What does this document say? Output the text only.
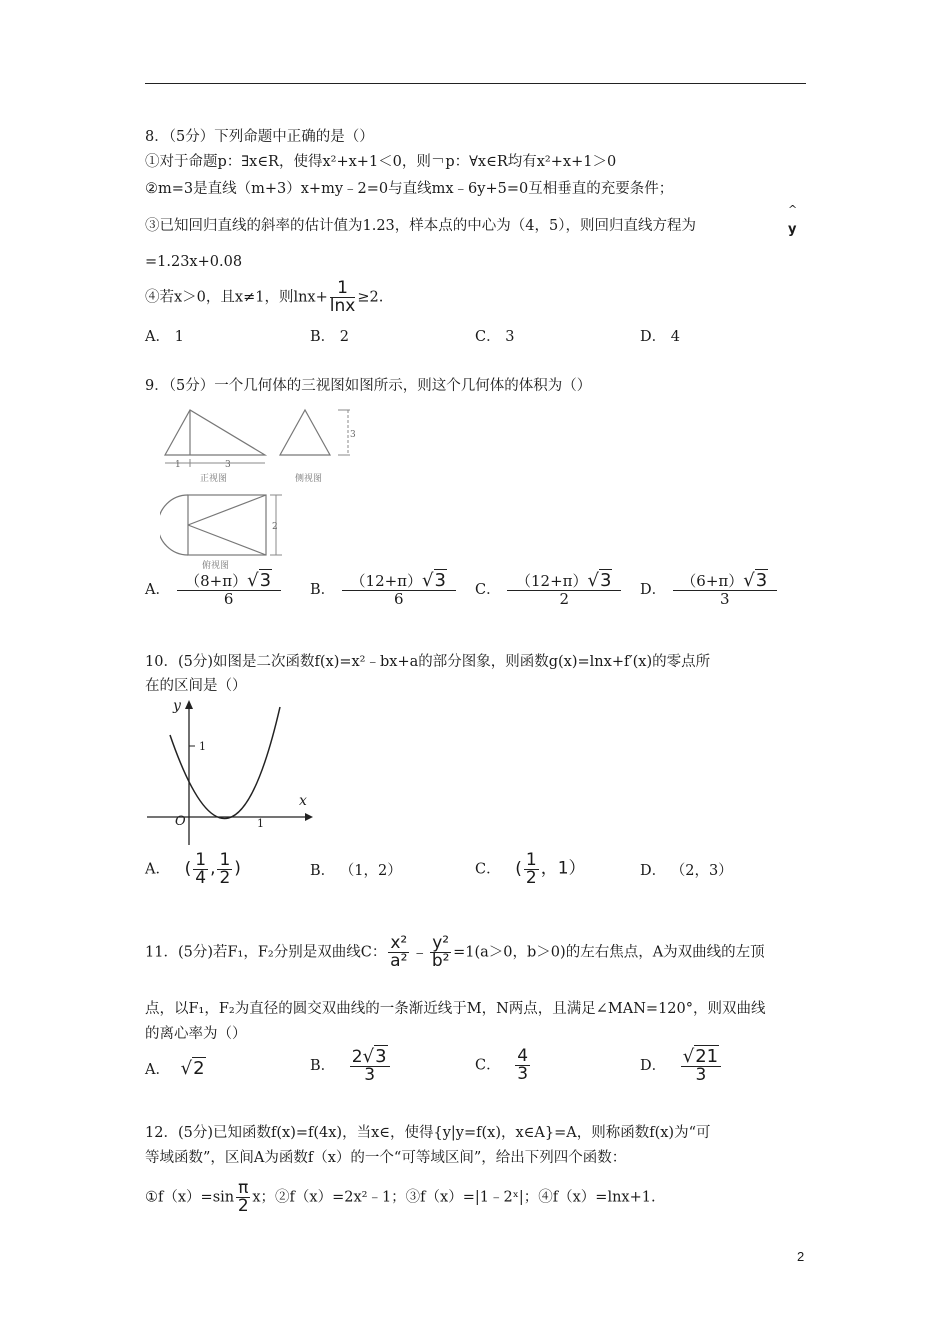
8．（5分）下列命题中正确的是（）
①对于命题p：∃x∈R，使得x²+x+1＜0，则￢p：∀x∈R均有x²+x+1＞0
②m=3是直线（m+3）x+my﹣2=0与直线mx﹣6y+5=0互相垂直的充要条件；
③已知回归直线的斜率的估计值为1.23，样本点的中心为（4，5），则回归直线方程为
^
y
=1.23x+0.08
④若x＞0，且x≠1，则$\ln x+ \frac{1}{\ln x} \ge 2$.
A． 1	B． 2	C． 3	D． 4
9．（5分）一个几何体的三视图如图所示，则这个几何体的体积为（）
1	3
正视图
3
侧视图
2
俯视图
A． $\frac{(8+\pi)√3}{6}$ B． $\frac{(12+\pi)√3}{6}$ C． $\frac{(12+\pi)√3}{2}$ D． $\frac{(6+\pi)√3}{3}$
10．(5分)如图是二次函数f(x)=x²﹣bx+a的部分图象，则函数g(x)=lnx+f′(x)的零点所
在的区间是（）
y
x
O
1
1
A． ( $\frac{1}{4}$ , $\frac{1}{2}$ )	B． （1，2）	C． ( $\frac{1}{2}$ ，1）	D． （2，3）
11．(5分)若F₁，F₂分别是双曲线C： $\frac{\text{x²}}{\text{a²}}$ ﹣ $\frac{\text{y²}}{\text{b²}} =1(a>0$，b＞0)的左右焦点，A为双曲线的左顶
点，以F₁，F₂为直径的圆交双曲线的一条渐近线于M，N两点，且满足∠MAN=120°，则双曲线
的离心率为（）
A． √2	B． $\frac{2√3}{3}$	C． $\frac{4}{3}$	D． $\frac{√21}{3}$
12．(5分)已知函数f(x)=f(4x)，当x∈，使得{y|y=f(x)，x∈A}=A，则称函数f(x)为“可
等域函数”，区间A为函数f（x）的一个“可等域区间”，给出下列四个函数：
①f（x）=sin $\frac{\pi}{2}$ x；②f（x）=2x²﹣1；③f（x）=|1﹣2ˣ|；④f（x）=lnx+1.
2
